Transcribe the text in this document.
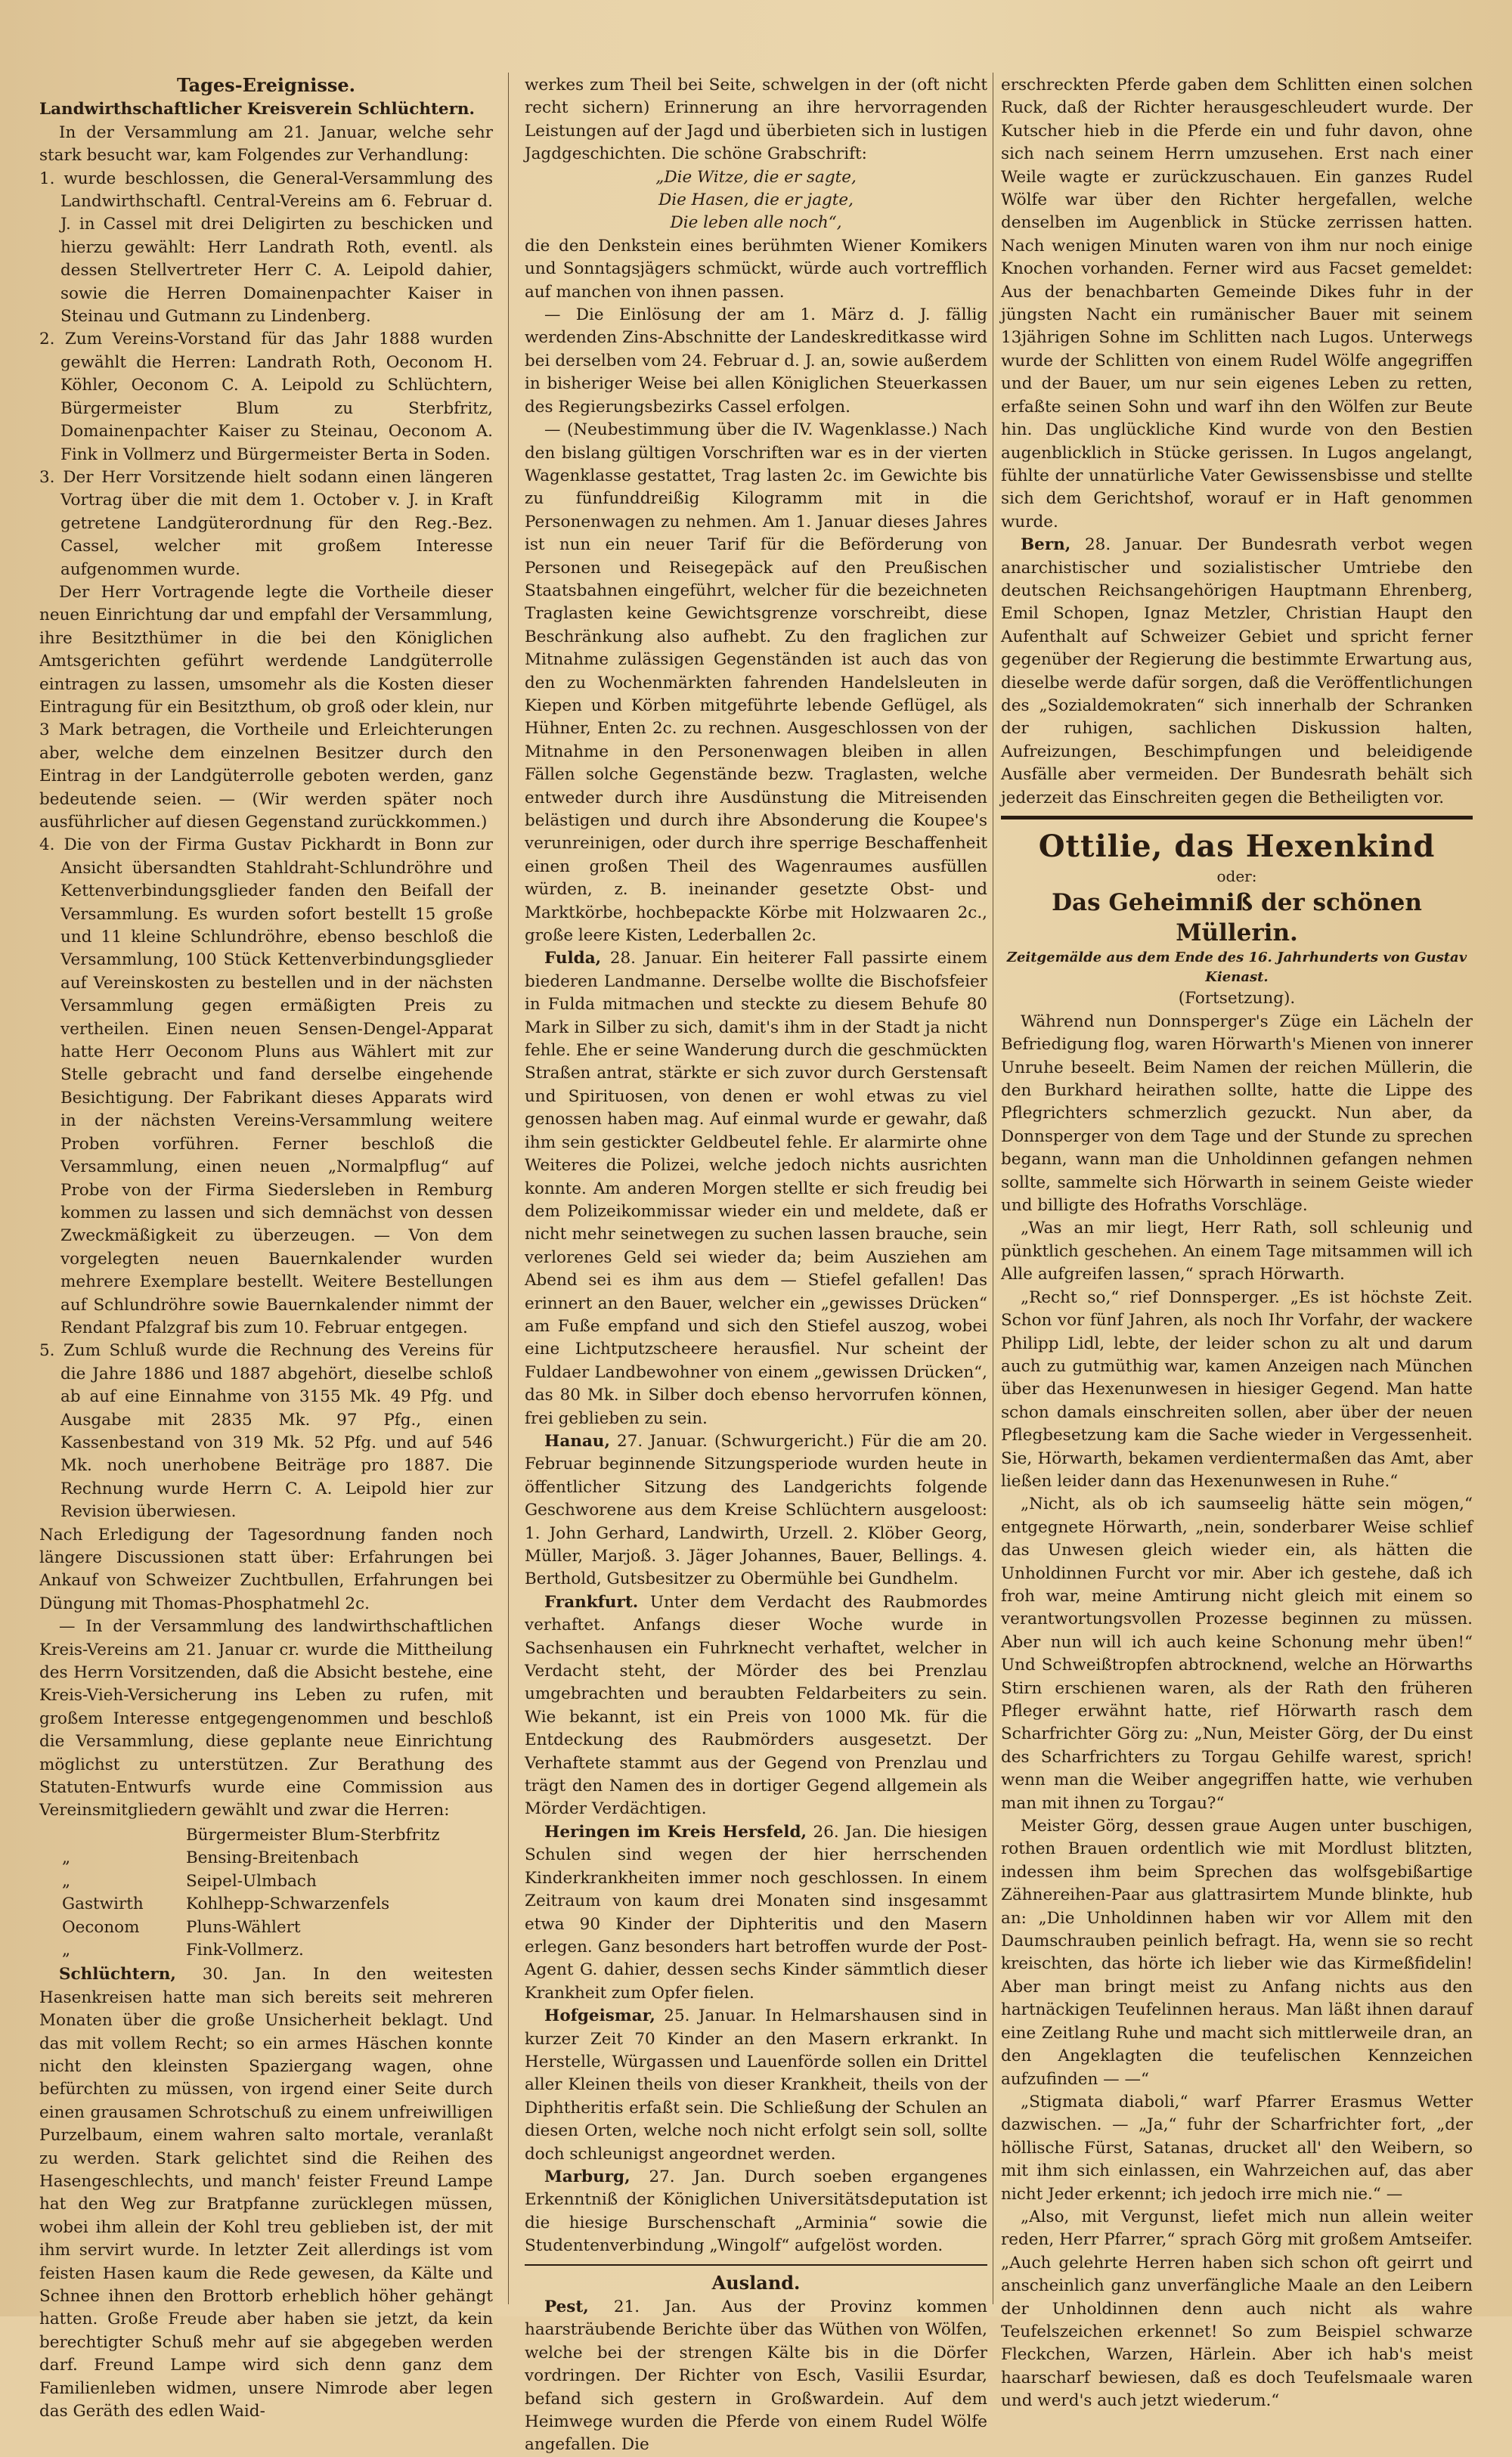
Tages-Ereignisse.

Landwirthschaftlicher Kreisverein Schlüchtern.

In der Versammlung am 21. Januar, welche sehr stark besucht war, kam Folgendes zur Verhandlung:

1. wurde beschlossen, die General-Versammlung des Landwirthschaftl. Central-Vereins am 6. Februar d. J. in Cassel mit drei Deligirten zu beschicken und hierzu gewählt: Herr Landrath Roth, eventl. als dessen Stellvertreter Herr C. A. Leipold dahier, sowie die Herren Domainenpachter Kaiser in Steinau und Gutmann zu Lindenberg.

2. Zum Vereins-Vorstand für das Jahr 1888 wurden gewählt die Herren: Landrath Roth, Oeconom H. Köhler, Oeconom C. A. Leipold zu Schlüchtern, Bürgermeister Blum zu Sterbfritz, Domainenpachter Kaiser zu Steinau, Oeconom A. Fink in Vollmerz und Bürgermeister Berta in Soden.

3. Der Herr Vorsitzende hielt sodann einen längeren Vortrag über die mit dem 1. October v. J. in Kraft getretene Landgüterordnung für den Reg.-Bez. Cassel, welcher mit großem Interesse aufgenommen wurde.

Der Herr Vortragende legte die Vortheile dieser neuen Einrichtung dar und empfahl der Versammlung, ihre Besitzthümer in die bei den Königlichen Amtsgerichten geführt werdende Landgüterrolle eintragen zu lassen, umsomehr als die Kosten dieser Eintragung für ein Besitzthum, ob groß oder klein, nur 3 Mark betragen, die Vortheile und Erleichterungen aber, welche dem einzelnen Besitzer durch den Eintrag in der Landgüterrolle geboten werden, ganz bedeutende seien. — (Wir werden später noch ausführlicher auf diesen Gegenstand zurückkommen.)

4. Die von der Firma Gustav Pickhardt in Bonn zur Ansicht übersandten Stahldraht-Schlundröhre und Kettenverbindungsglieder fanden den Beifall der Versammlung. Es wurden sofort bestellt 15 große und 11 kleine Schlundröhre, ebenso beschloß die Versammlung, 100 Stück Kettenverbindungsglieder auf Vereinskosten zu bestellen und in der nächsten Versammlung gegen ermäßigten Preis zu vertheilen. Einen neuen Sensen-Dengel-Apparat hatte Herr Oeconom Pluns aus Wählert mit zur Stelle gebracht und fand derselbe eingehende Besichtigung. Der Fabrikant dieses Apparats wird in der nächsten Vereins-Versammlung weitere Proben vorführen. Ferner beschloß die Versammlung, einen neuen „Normalpflug“ auf Probe von der Firma Siedersleben in Remburg kommen zu lassen und sich demnächst von dessen Zweckmäßigkeit zu überzeugen. — Von dem vorgelegten neuen Bauernkalender wurden mehrere Exemplare bestellt. Weitere Bestellungen auf Schlundröhre sowie Bauernkalender nimmt der Rendant Pfalzgraf bis zum 10. Februar entgegen.

5. Zum Schluß wurde die Rechnung des Vereins für die Jahre 1886 und 1887 abgehört, dieselbe schloß ab auf eine Einnahme von 3155 Mk. 49 Pfg. und Ausgabe mit 2835 Mk. 97 Pfg., einen Kassenbestand von 319 Mk. 52 Pfg. und auf 546 Mk. noch unerhobene Beiträge pro 1887. Die Rechnung wurde Herrn C. A. Leipold hier zur Revision überwiesen.

Nach Erledigung der Tagesordnung fanden noch längere Discussionen statt über: Erfahrungen bei Ankauf von Schweizer Zuchtbullen, Erfahrungen bei Düngung mit Thomas-Phosphatmehl 2c.

— In der Versammlung des landwirthschaftlichen Kreis-Vereins am 21. Januar cr. wurde die Mittheilung des Herrn Vorsitzenden, daß die Absicht bestehe, eine Kreis-Vieh-Versicherung ins Leben zu rufen, mit großem Interesse entgegengenommen und beschloß die Versammlung, diese geplante neue Einrichtung möglichst zu unterstützen. Zur Berathung des Statuten-Entwurfs wurde eine Commission aus Vereinsmitgliedern gewählt und zwar die Herren:

Bürgermeister Blum-Sterbfritz
„	Bensing-Breitenbach
„	Seipel-Ulmbach
Gastwirth	Kohlhepp-Schwarzenfels
Oeconom	Pluns-Wählert
„	Fink-Vollmerz.

Schlüchtern, 30. Jan. In den weitesten Hasenkreisen hatte man sich bereits seit mehreren Monaten über die große Unsicherheit beklagt. Und das mit vollem Recht; so ein armes Häschen konnte nicht den kleinsten Spaziergang wagen, ohne befürchten zu müssen, von irgend einer Seite durch einen grausamen Schrotschuß zu einem unfreiwilligen Purzelbaum, einem wahren salto mortale, veranlaßt zu werden. Stark gelichtet sind die Reihen des Hasengeschlechts, und manch' feister Freund Lampe hat den Weg zur Bratpfanne zurücklegen müssen, wobei ihm allein der Kohl treu geblieben ist, der mit ihm servirt wurde. In letzter Zeit allerdings ist vom feisten Hasen kaum die Rede gewesen, da Kälte und Schnee ihnen den Brottorb erheblich höher gehängt hatten. Große Freude aber haben sie jetzt, da kein berechtigter Schuß mehr auf sie abgegeben werden darf. Freund Lampe wird sich denn ganz dem Familienleben widmen, unsere Nimrode aber legen das Geräth des edlen Waid-

werkes zum Theil bei Seite, schwelgen in der (oft nicht recht sichern) Erinnerung an ihre hervorragenden Leistungen auf der Jagd und überbieten sich in lustigen Jagdgeschichten. Die schöne Grabschrift:

„Die Witze, die er sagte,

Die Hasen, die er jagte,

Die leben alle noch“,

die den Denkstein eines berühmten Wiener Komikers und Sonntagsjägers schmückt, würde auch vortrefflich auf manchen von ihnen passen.

— Die Einlösung der am 1. März d. J. fällig werdenden Zins-Abschnitte der Landeskreditkasse wird bei derselben vom 24. Februar d. J. an, sowie außerdem in bisheriger Weise bei allen Königlichen Steuerkassen des Regierungsbezirks Cassel erfolgen.

— (Neubestimmung über die IV. Wagenklasse.) Nach den bislang gültigen Vorschriften war es in der vierten Wagenklasse gestattet, Trag lasten 2c. im Gewichte bis zu fünfunddreißig Kilogramm mit in die Personenwagen zu nehmen. Am 1. Januar dieses Jahres ist nun ein neuer Tarif für die Beförderung von Personen und Reisegepäck auf den Preußischen Staatsbahnen eingeführt, welcher für die bezeichneten Traglasten keine Gewichtsgrenze vorschreibt, diese Beschränkung also aufhebt. Zu den fraglichen zur Mitnahme zulässigen Gegenständen ist auch das von den zu Wochenmärkten fahrenden Handelsleuten in Kiepen und Körben mitgeführte lebende Geflügel, als Hühner, Enten 2c. zu rechnen. Ausgeschlossen von der Mitnahme in den Personenwagen bleiben in allen Fällen solche Gegenstände bezw. Traglasten, welche entweder durch ihre Ausdünstung die Mitreisenden belästigen und durch ihre Absonderung die Koupee's verunreinigen, oder durch ihre sperrige Beschaffenheit einen großen Theil des Wagenraumes ausfüllen würden, z. B. ineinander gesetzte Obst- und Marktkörbe, hochbepackte Körbe mit Holzwaaren 2c., große leere Kisten, Lederballen 2c.

Fulda, 28. Januar. Ein heiterer Fall passirte einem biederen Landmanne. Derselbe wollte die Bischofsfeier in Fulda mitmachen und steckte zu diesem Behufe 80 Mark in Silber zu sich, damit's ihm in der Stadt ja nicht fehle. Ehe er seine Wanderung durch die geschmückten Straßen antrat, stärkte er sich zuvor durch Gerstensaft und Spirituosen, von denen er wohl etwas zu viel genossen haben mag. Auf einmal wurde er gewahr, daß ihm sein gestickter Geldbeutel fehle. Er alarmirte ohne Weiteres die Polizei, welche jedoch nichts ausrichten konnte. Am anderen Morgen stellte er sich freudig bei dem Polizeikommissar wieder ein und meldete, daß er nicht mehr seinetwegen zu suchen lassen brauche, sein verlorenes Geld sei wieder da; beim Ausziehen am Abend sei es ihm aus dem — Stiefel gefallen! Das erinnert an den Bauer, welcher ein „gewisses Drücken“ am Fuße empfand und sich den Stiefel auszog, wobei eine Lichtputzscheere herausfiel. Nur scheint der Fuldaer Landbewohner von einem „gewissen Drücken“, das 80 Mk. in Silber doch ebenso hervorrufen können, frei geblieben zu sein.

Hanau, 27. Januar. (Schwurgericht.) Für die am 20. Februar beginnende Sitzungsperiode wurden heute in öffentlicher Sitzung des Landgerichts folgende Geschworene aus dem Kreise Schlüchtern ausgeloost: 1. John Gerhard, Landwirth, Urzell. 2. Klöber Georg, Müller, Marjoß. 3. Jäger Johannes, Bauer, Bellings. 4. Berthold, Gutsbesitzer zu Obermühle bei Gundhelm.

Frankfurt. Unter dem Verdacht des Raubmordes verhaftet. Anfangs dieser Woche wurde in Sachsenhausen ein Fuhrknecht verhaftet, welcher in Verdacht steht, der Mörder des bei Prenzlau umgebrachten und beraubten Feldarbeiters zu sein. Wie bekannt, ist ein Preis von 1000 Mk. für die Entdeckung des Raubmörders ausgesetzt. Der Verhaftete stammt aus der Gegend von Prenzlau und trägt den Namen des in dortiger Gegend allgemein als Mörder Verdächtigen.

Heringen im Kreis Hersfeld, 26. Jan. Die hiesigen Schulen sind wegen der hier herrschenden Kinderkrankheiten immer noch geschlossen. In einem Zeitraum von kaum drei Monaten sind insgesammt etwa 90 Kinder der Diphteritis und den Masern erlegen. Ganz besonders hart betroffen wurde der Post-Agent G. dahier, dessen sechs Kinder sämmtlich dieser Krankheit zum Opfer fielen.

Hofgeismar, 25. Januar. In Helmarshausen sind in kurzer Zeit 70 Kinder an den Masern erkrankt. In Herstelle, Würgassen und Lauenförde sollen ein Drittel aller Kleinen theils von dieser Krankheit, theils von der Diphtheritis erfaßt sein. Die Schließung der Schulen an diesen Orten, welche noch nicht erfolgt sein soll, sollte doch schleunigst angeordnet werden.

Marburg, 27. Jan. Durch soeben ergangenes Erkenntniß der Königlichen Universitätsdeputation ist die hiesige Burschenschaft „Arminia“ sowie die Studentenverbindung „Wingolf“ aufgelöst worden.

Ausland.

Pest, 21. Jan. Aus der Provinz kommen haarsträubende Berichte über das Wüthen von Wölfen, welche bei der strengen Kälte bis in die Dörfer vordringen. Der Richter von Esch, Vasilii Esurdar, befand sich gestern in Großwardein. Auf dem Heimwege wurden die Pferde von einem Rudel Wölfe angefallen. Die

erschreckten Pferde gaben dem Schlitten einen solchen Ruck, daß der Richter herausgeschleudert wurde. Der Kutscher hieb in die Pferde ein und fuhr davon, ohne sich nach seinem Herrn umzusehen. Erst nach einer Weile wagte er zurückzuschauen. Ein ganzes Rudel Wölfe war über den Richter hergefallen, welche denselben im Augenblick in Stücke zerrissen hatten. Nach wenigen Minuten waren von ihm nur noch einige Knochen vorhanden. Ferner wird aus Facset gemeldet: Aus der benachbarten Gemeinde Dikes fuhr in der jüngsten Nacht ein rumänischer Bauer mit seinem 13jährigen Sohne im Schlitten nach Lugos. Unterwegs wurde der Schlitten von einem Rudel Wölfe angegriffen und der Bauer, um nur sein eigenes Leben zu retten, erfaßte seinen Sohn und warf ihn den Wölfen zur Beute hin. Das unglückliche Kind wurde von den Bestien augenblicklich in Stücke gerissen. In Lugos angelangt, fühlte der unnatürliche Vater Gewissensbisse und stellte sich dem Gerichtshof, worauf er in Haft genommen wurde.

Bern, 28. Januar. Der Bundesrath verbot wegen anarchistischer und sozialistischer Umtriebe den deutschen Reichsangehörigen Hauptmann Ehrenberg, Emil Schopen, Ignaz Metzler, Christian Haupt den Aufenthalt auf Schweizer Gebiet und spricht ferner gegenüber der Regierung die bestimmte Erwartung aus, dieselbe werde dafür sorgen, daß die Veröffentlichungen des „Sozialdemokraten“ sich innerhalb der Schranken der ruhigen, sachlichen Diskussion halten, Aufreizungen, Beschimpfungen und beleidigende Ausfälle aber vermeiden. Der Bundesrath behält sich jederzeit das Einschreiten gegen die Betheiligten vor.

Ottilie, das Hexenkind

oder:

Das Geheimniß der schönen Müllerin.

Zeitgemälde aus dem Ende des 16. Jahrhunderts von Gustav Kienast.

(Fortsetzung).

Während nun Donnsperger's Züge ein Lächeln der Befriedigung flog, waren Hörwarth's Mienen von innerer Unruhe beseelt. Beim Namen der reichen Müllerin, die den Burkhard heirathen sollte, hatte die Lippe des Pflegrichters schmerzlich gezuckt. Nun aber, da Donnsperger von dem Tage und der Stunde zu sprechen begann, wann man die Unholdinnen gefangen nehmen sollte, sammelte sich Hörwarth in seinem Geiste wieder und billigte des Hofraths Vorschläge.

„Was an mir liegt, Herr Rath, soll schleunig und pünktlich geschehen. An einem Tage mitsammen will ich Alle aufgreifen lassen,“ sprach Hörwarth.

„Recht so,“ rief Donnsperger. „Es ist höchste Zeit. Schon vor fünf Jahren, als noch Ihr Vorfahr, der wackere Philipp Lidl, lebte, der leider schon zu alt und darum auch zu gutmüthig war, kamen Anzeigen nach München über das Hexenunwesen in hiesiger Gegend. Man hatte schon damals einschreiten sollen, aber über der neuen Pflegbesetzung kam die Sache wieder in Vergessenheit. Sie, Hörwarth, bekamen verdientermaßen das Amt, aber ließen leider dann das Hexenunwesen in Ruhe.“

„Nicht, als ob ich saumseelig hätte sein mögen,“ entgegnete Hörwarth, „nein, sonderbarer Weise schlief das Unwesen gleich wieder ein, als hätten die Unholdinnen Furcht vor mir. Aber ich gestehe, daß ich froh war, meine Amtirung nicht gleich mit einem so verantwortungsvollen Prozesse beginnen zu müssen. Aber nun will ich auch keine Schonung mehr üben!“ Und Schweißtropfen abtrocknend, welche an Hörwarths Stirn erschienen waren, als der Rath den früheren Pfleger erwähnt hatte, rief Hörwarth rasch dem Scharfrichter Görg zu: „Nun, Meister Görg, der Du einst des Scharfrichters zu Torgau Gehilfe warest, sprich! wenn man die Weiber angegriffen hatte, wie verhuben man mit ihnen zu Torgau?“

Meister Görg, dessen graue Augen unter buschigen, rothen Brauen ordentlich wie mit Mordlust blitzten, indessen ihm beim Sprechen das wolfsgebißartige Zähnereihen-Paar aus glattrasirtem Munde blinkte, hub an: „Die Unholdinnen haben wir vor Allem mit den Daumschrauben peinlich befragt. Ha, wenn sie so recht kreischten, das hörte ich lieber wie das Kirmeßfidelin! Aber man bringt meist zu Anfang nichts aus den hartnäckigen Teufelinnen heraus. Man läßt ihnen darauf eine Zeitlang Ruhe und macht sich mittlerweile dran, an den Angeklagten die teufelischen Kennzeichen aufzufinden — —“

„Stigmata diaboli,“ warf Pfarrer Erasmus Wetter dazwischen. — „Ja,“ fuhr der Scharfrichter fort, „der höllische Fürst, Satanas, drucket all' den Weibern, so mit ihm sich einlassen, ein Wahrzeichen auf, das aber nicht Jeder erkennt; ich jedoch irre mich nie.“ —

„Also, mit Vergunst, liefet mich nun allein weiter reden, Herr Pfarrer,“ sprach Görg mit großem Amtseifer. „Auch gelehrte Herren haben sich schon oft geirrt und anscheinlich ganz unverfängliche Maale an den Leibern der Unholdinnen denn auch nicht als wahre Teufelszeichen erkennet! So zum Beispiel schwarze Fleckchen, Warzen, Härlein. Aber ich hab's meist haarscharf bewiesen, daß es doch Teufelsmaale waren und werd's auch jetzt wiederum.“
